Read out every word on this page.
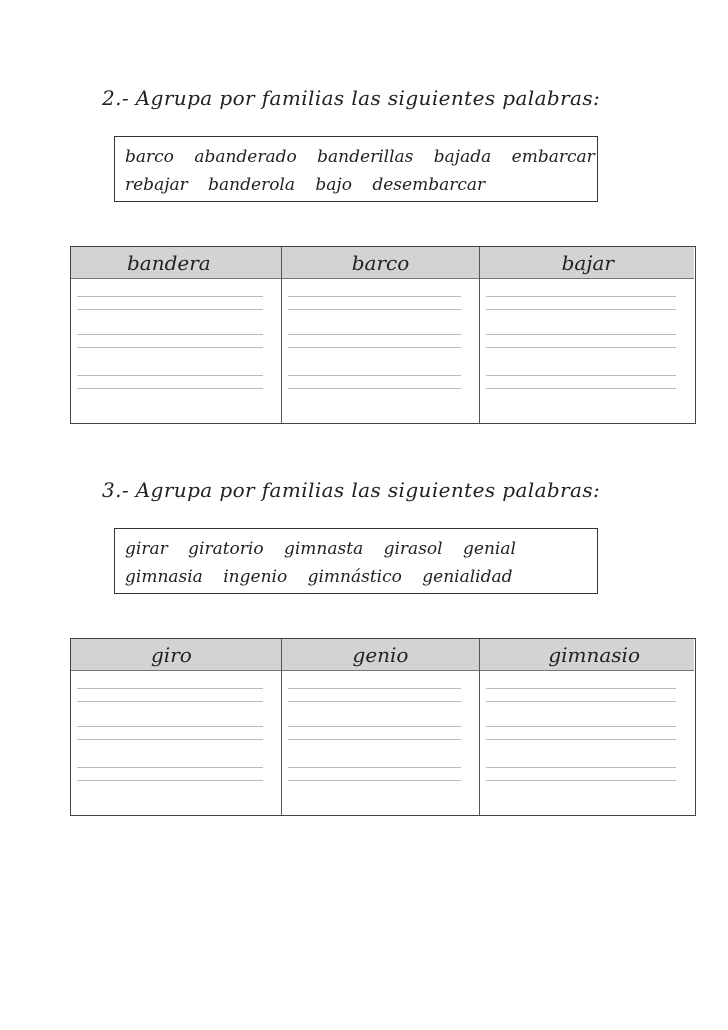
2.- Agrupa por familias las siguientes palabras:
barco abanderado banderillas bajada embarcar
rebajar banderola bajo desembarcar
bandera	barco	bajar
3.- Agrupa por familias las siguientes palabras:
girar giratorio gimnasta girasol genial
gimnasia ingenio gimnástico genialidad
giro	genio	gimnasio
